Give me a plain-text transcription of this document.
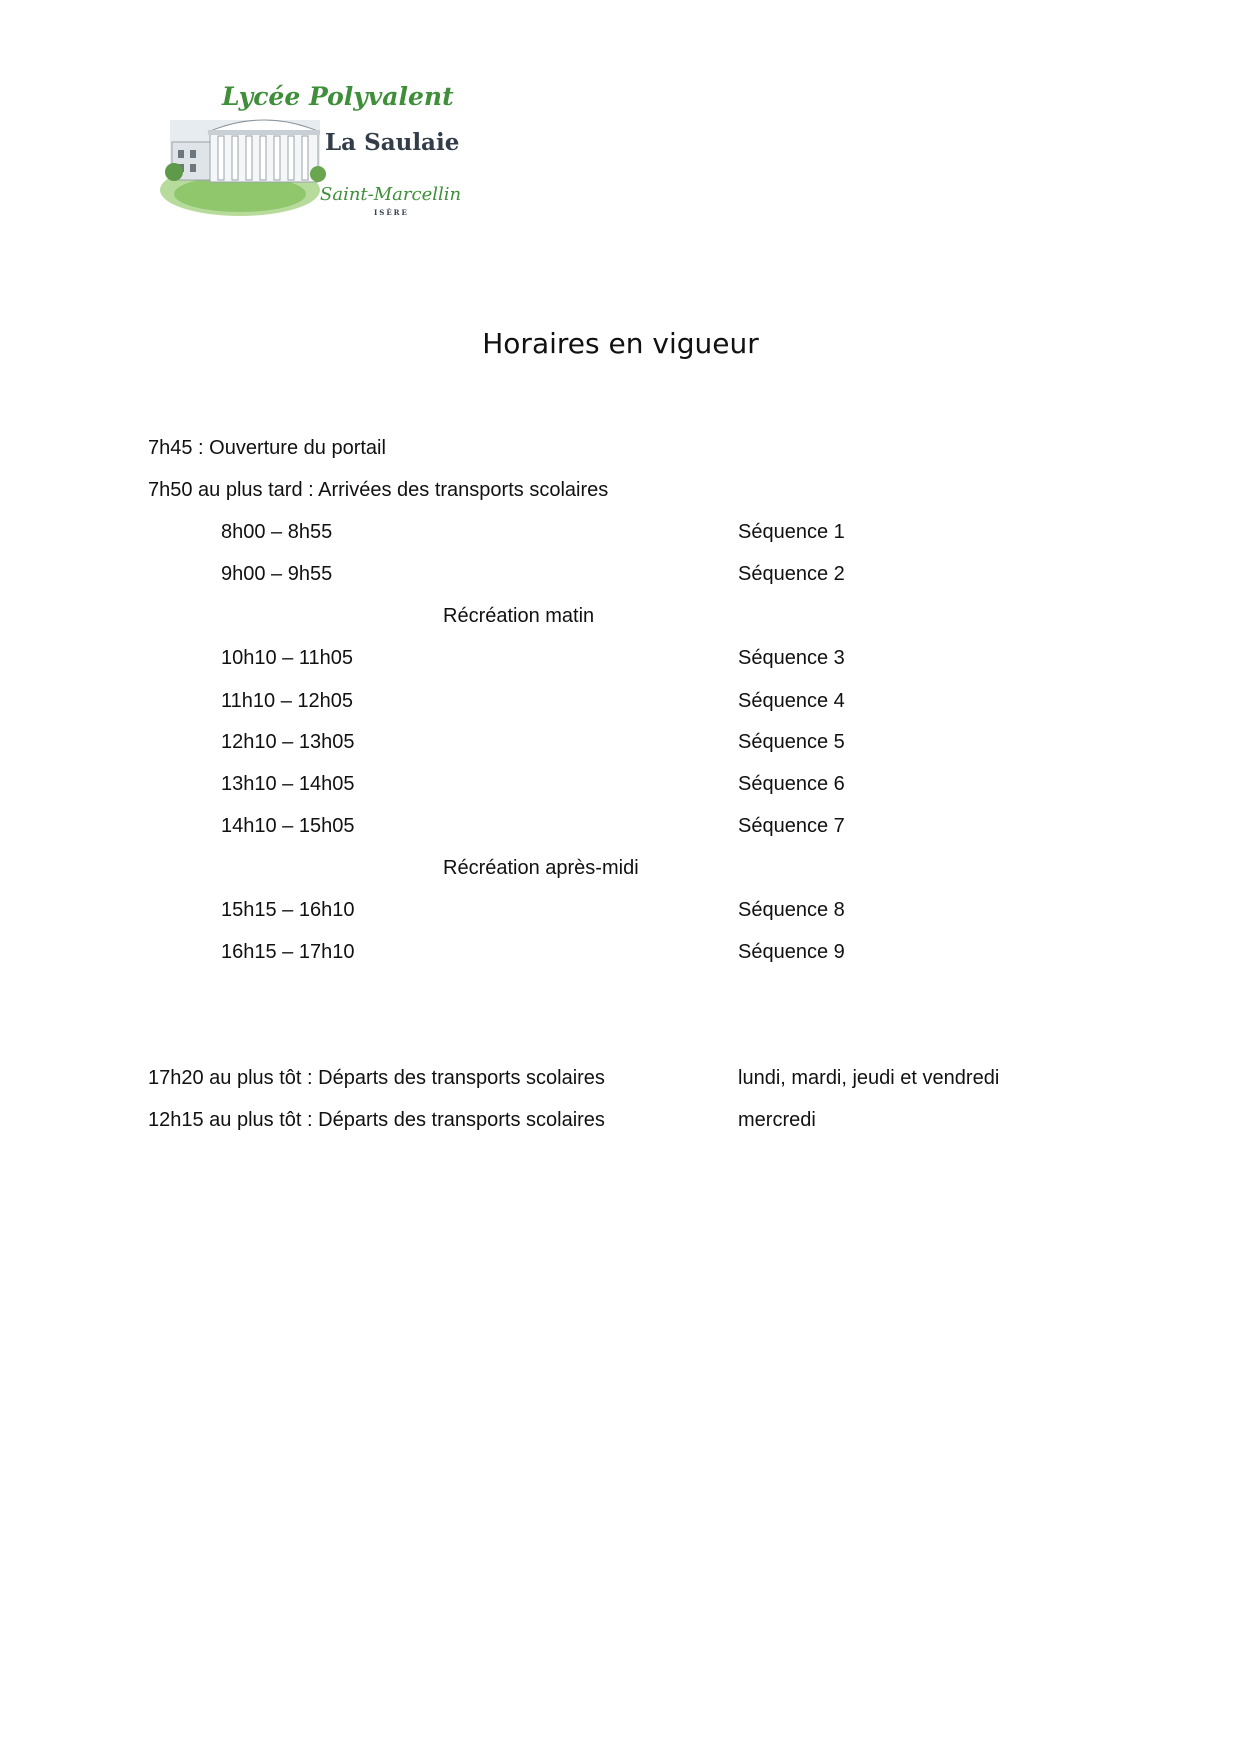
Lycée Polyvalent
La Saulaie
Saint-Marcellin
ISÈRE
Horaires en vigueur
7h45 : Ouverture du portail
7h50 au plus tard : Arrivées des transports scolaires
8h00 – 8h55	Séquence 1
9h00 – 9h55	Séquence 2
Récréation matin
10h10 – 11h05	Séquence 3
11h10 – 12h05	Séquence 4
12h10 – 13h05	Séquence 5
13h10 – 14h05	Séquence 6
14h10 – 15h05	Séquence 7
Récréation après-midi
15h15 – 16h10	Séquence 8
16h15 – 17h10	Séquence 9
17h20 au plus tôt : Départs des transports scolaires	lundi, mardi, jeudi et vendredi
12h15 au plus tôt : Départs des transports scolaires	mercredi
